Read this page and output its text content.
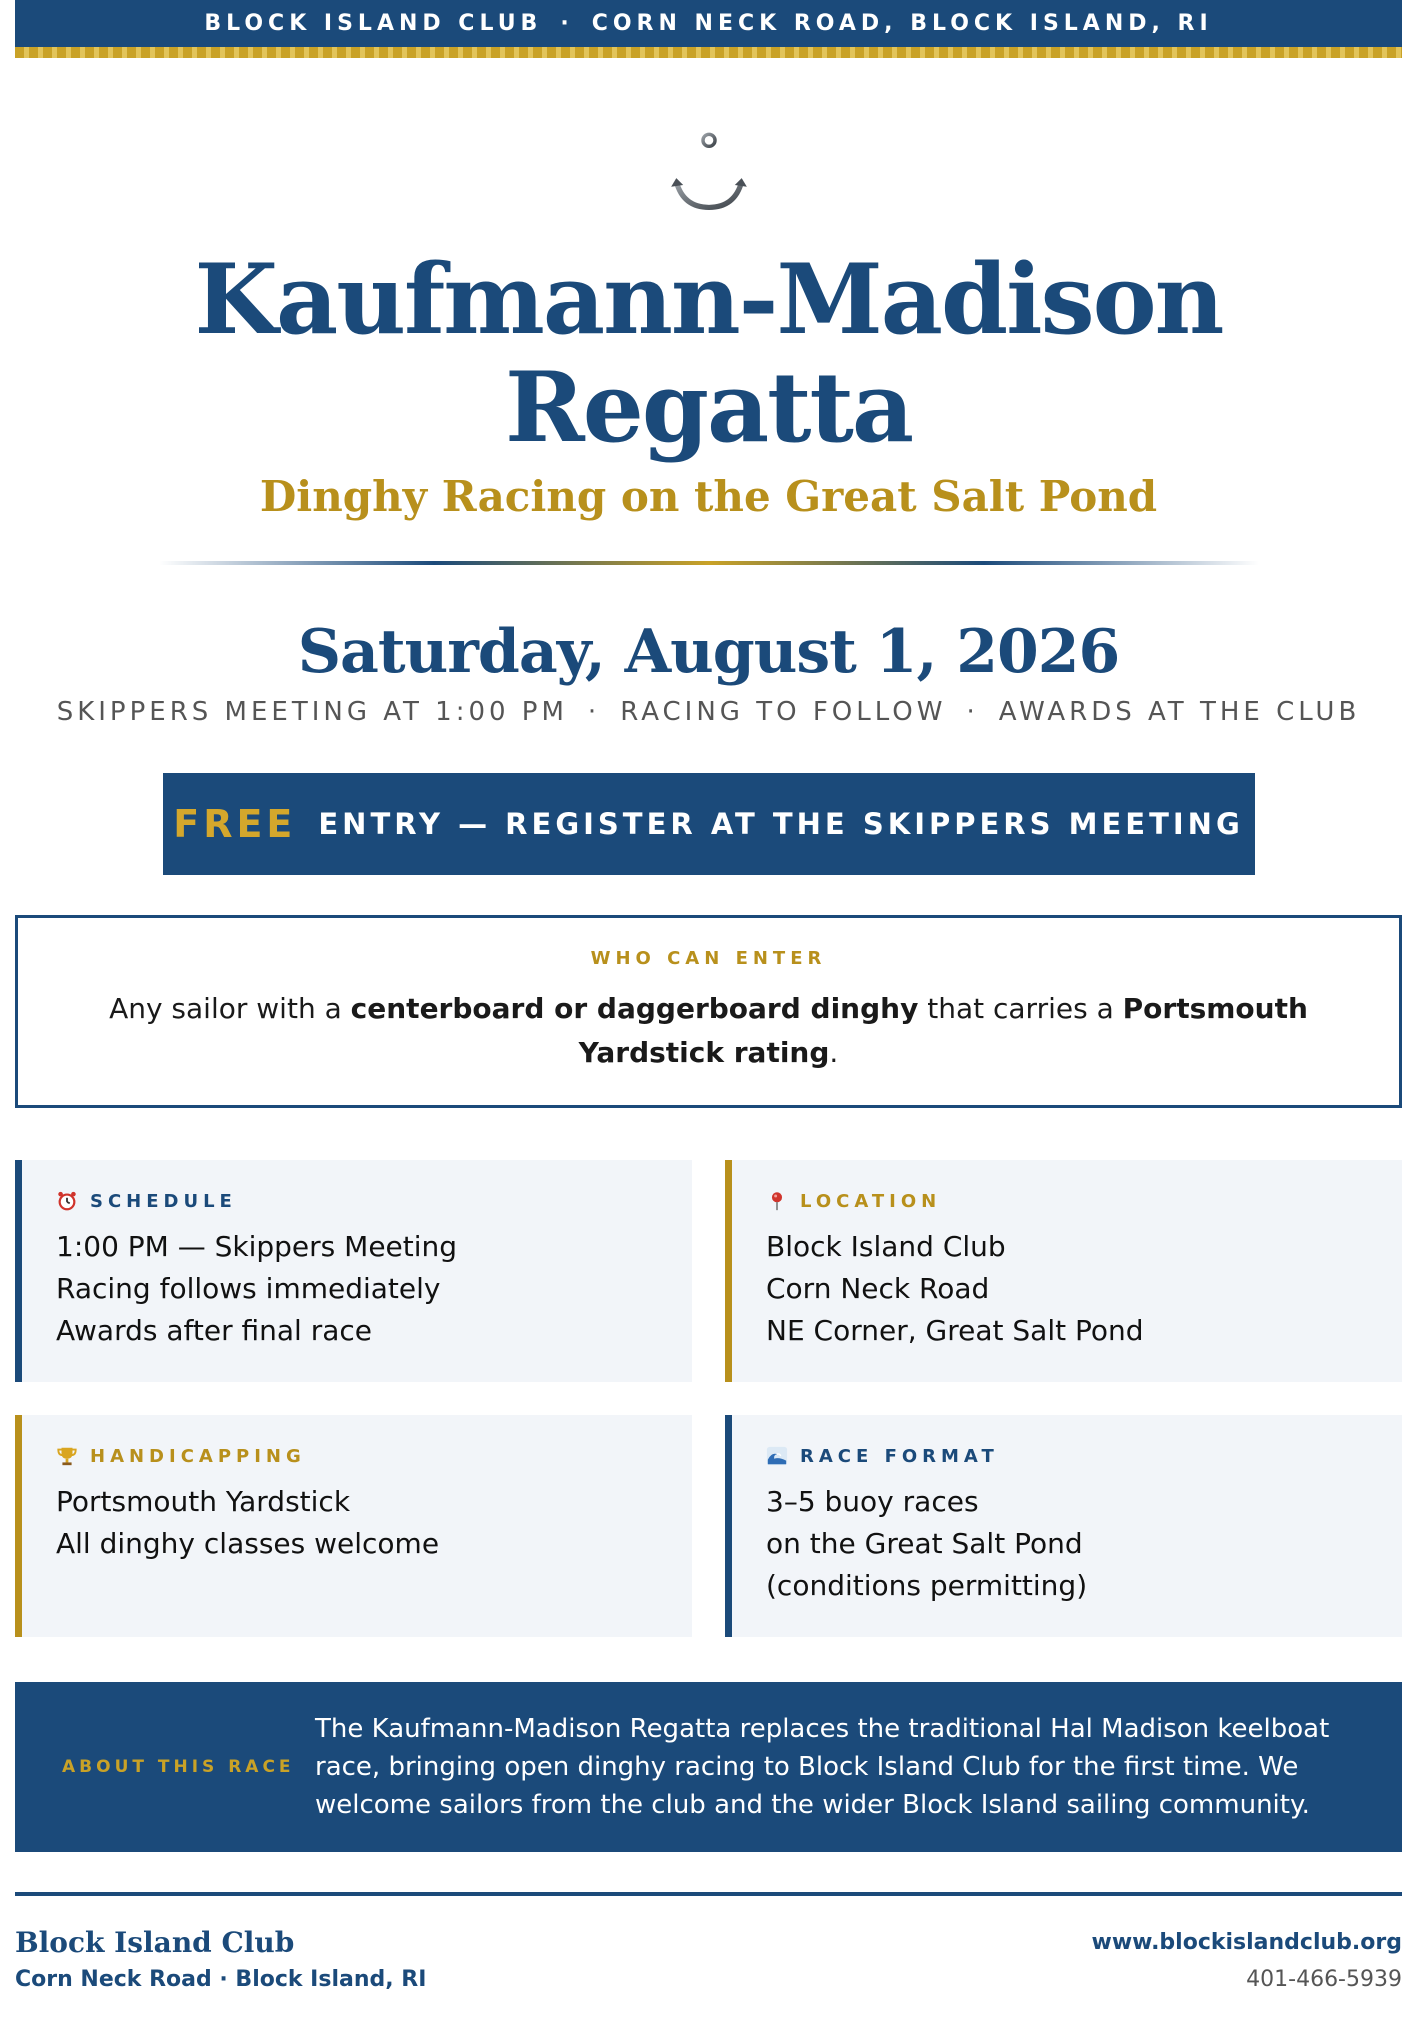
BLOCK ISLAND CLUB · CORN NECK ROAD, BLOCK ISLAND, RI
Kaufmann-Madison
Regatta
Dinghy Racing on the Great Salt Pond
Saturday, August 1, 2026
SKIPPERS MEETING AT 1:00 PM · RACING TO FOLLOW · AWARDS AT THE CLUB
FREE ENTRY — REGISTER AT THE SKIPPERS MEETING
WHO CAN ENTER

Any sailor with a centerboard or daggerboard dinghy that carries a Portsmouth Yardstick rating.

SCHEDULE
1:00 PM — Skippers Meeting
Racing follows immediately
Awards after final race
LOCATION
Block Island Club
Corn Neck Road
NE Corner, Great Salt Pond
HANDICAPPING
Portsmouth Yardstick
All dinghy classes welcome
RACE FORMAT
3–5 buoy races
on the Great Salt Pond
(conditions permitting)
ABOUT THIS RACE

The Kaufmann-Madison Regatta replaces the traditional Hal Madison keelboat race, bringing open dinghy racing to Block Island Club for the first time. We welcome sailors from the club and the wider Block Island sailing community.

Block Island Club
Corn Neck Road · Block Island, RI
www.blockislandclub.org
401-466-5939
